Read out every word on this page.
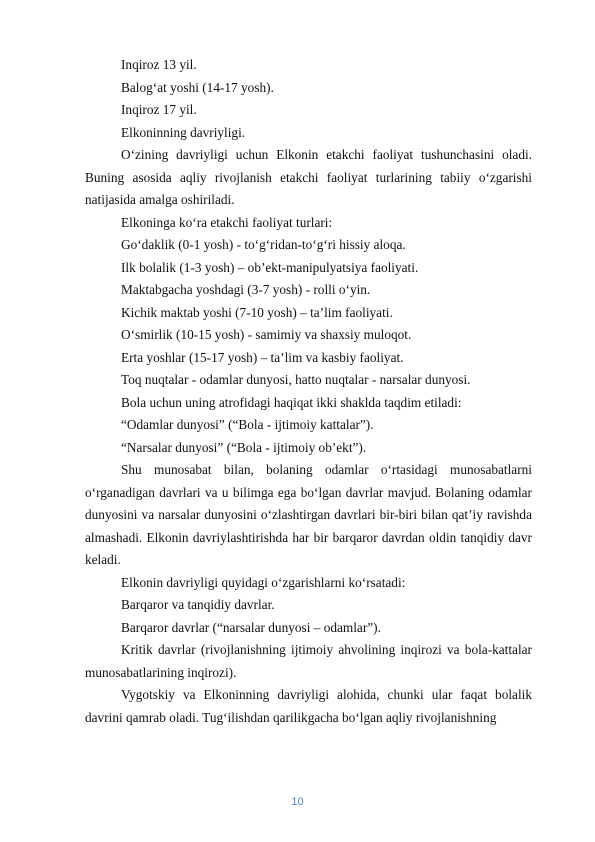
Inqiroz 13 yil.

Balog‘at yoshi (14-17 yosh).

Inqiroz 17 yil.

Elkoninning davriyligi.

O‘zining davriyligi uchun Elkonin etakchi faoliyat tushunchasini oladi. Buning asosida aqliy rivojlanish etakchi faoliyat turlarining tabiiy o‘zgarishi natijasida amalga oshiriladi.

Elkoninga ko‘ra etakchi faoliyat turlari:

Go‘daklik (0-1 yosh) - to‘g‘ridan-to‘g‘ri hissiy aloqa.

Ilk bolalik (1-3 yosh) – ob’ekt-manipulyatsiya faoliyati.

Maktabgacha yoshdagi (3-7 yosh) - rolli o‘yin.

Kichik maktab yoshi (7-10 yosh) – ta’lim faoliyati.

O‘smirlik (10-15 yosh) - samimiy va shaxsiy muloqot.

Erta yoshlar (15-17 yosh) – ta’lim va kasbiy faoliyat.

Toq nuqtalar - odamlar dunyosi, hatto nuqtalar - narsalar dunyosi.

Bola uchun uning atrofidagi haqiqat ikki shaklda taqdim etiladi:

“Odamlar dunyosi” (“Bola - ijtimoiy kattalar”).

“Narsalar dunyosi” (“Bola - ijtimoiy ob’ekt”).

Shu munosabat bilan, bolaning odamlar o‘rtasidagi munosabatlarni o‘rganadigan davrlari va u bilimga ega bo‘lgan davrlar mavjud. Bolaning odamlar dunyosini va narsalar dunyosini o‘zlashtirgan davrlari bir-biri bilan qat’iy ravishda almashadi. Elkonin davriylashtirishda har bir barqaror davrdan oldin tanqidiy davr keladi.

Elkonin davriyligi quyidagi o‘zgarishlarni ko‘rsatadi:

Barqaror va tanqidiy davrlar.

Barqaror davrlar (“narsalar dunyosi – odamlar”).

Kritik davrlar (rivojlanishning ijtimoiy ahvolining inqirozi va bola-kattalar munosabatlarining inqirozi).

Vygotskiy va Elkoninning davriyligi alohida, chunki ular faqat bolalik davrini qamrab oladi. Tug‘ilishdan qarilikgacha bo‘lgan aqliy rivojlanishning

10
